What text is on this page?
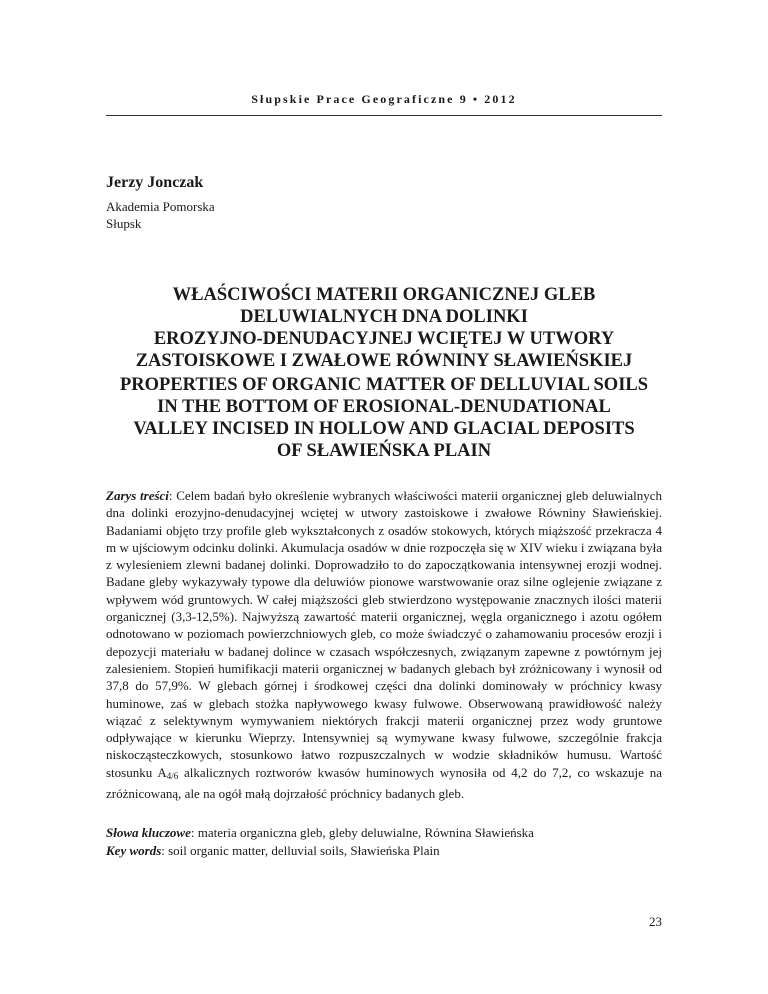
Słupskie Prace Geograficzne 9 • 2012
Jerzy Jonczak
Akademia Pomorska
Słupsk
WŁAŚCIWOŚCI MATERII ORGANICZNEJ GLEB
DELUWIALNYCH DNA DOLINKI
EROZYJNO-DENUDACYJNEJ WCIĘTEJ W UTWORY
ZASTOISKOWE I ZWAŁOWE RÓWNINY SŁAWIEŃSKIEJ
PROPERTIES OF ORGANIC MATTER OF DELLUVIAL SOILS
IN THE BOTTOM OF EROSIONAL-DENUDATIONAL
VALLEY INCISED IN HOLLOW AND GLACIAL DEPOSITS
OF SŁAWIEŃSKA PLAIN
Zarys treści: Celem badań było określenie wybranych właściwości materii organicznej gleb deluwialnych dna dolinki erozyjno-denudacyjnej wciętej w utwory zastoiskowe i zwałowe Równiny Sławieńskiej. Badaniami objęto trzy profile gleb wykształconych z osadów stokowych, których miąższość przekracza 4 m w ujściowym odcinku dolinki. Akumulacja osadów w dnie rozpoczęła się w XIV wieku i związana była z wylesieniem zlewni badanej dolinki. Doprowadziło to do zapoczątkowania intensywnej erozji wodnej. Badane gleby wykazywały typowe dla deluwiów pionowe warstwowanie oraz silne oglejenie związane z wpływem wód gruntowych. W całej miąższości gleb stwierdzono występowanie znacznych ilości materii organicznej (3,3-12,5%). Najwyższą zawartość materii organicznej, węgla organicznego i azotu ogółem odnotowano w poziomach powierzchniowych gleb, co może świadczyć o zahamowaniu procesów erozji i depozycji materiału w badanej dolince w czasach współczesnych, związanym zapewne z powtórnym jej zalesieniem. Stopień humifikacji materii organicznej w badanych glebach był zróżnicowany i wynosił od 37,8 do 57,9%. W glebach górnej i środkowej części dna dolinki dominowały w próchnicy kwasy huminowe, zaś w glebach stożka napływowego kwasy fulwowe. Obserwowaną prawidłowość należy wiązać z selektywnym wymywaniem niektórych frakcji materii organicznej przez wody gruntowe odpływające w kierunku Wieprzy. Intensywniej są wymywane kwasy fulwowe, szczególnie frakcja niskocząsteczkowych, stosunkowo łatwo rozpuszczalnych w wodzie składników humusu. Wartość stosunku $A_{4/6}$ alkalicznych roztworów kwasów huminowych wynosiła od 4,2 do 7,2, co wskazuje na zróżnicowaną, ale na ogół małą dojrzałość próchnicy badanych gleb.
Słowa kluczowe: materia organiczna gleb, gleby deluwialne, Równina Sławieńska
Key words: soil organic matter, delluvial soils, Sławieńska Plain
23
